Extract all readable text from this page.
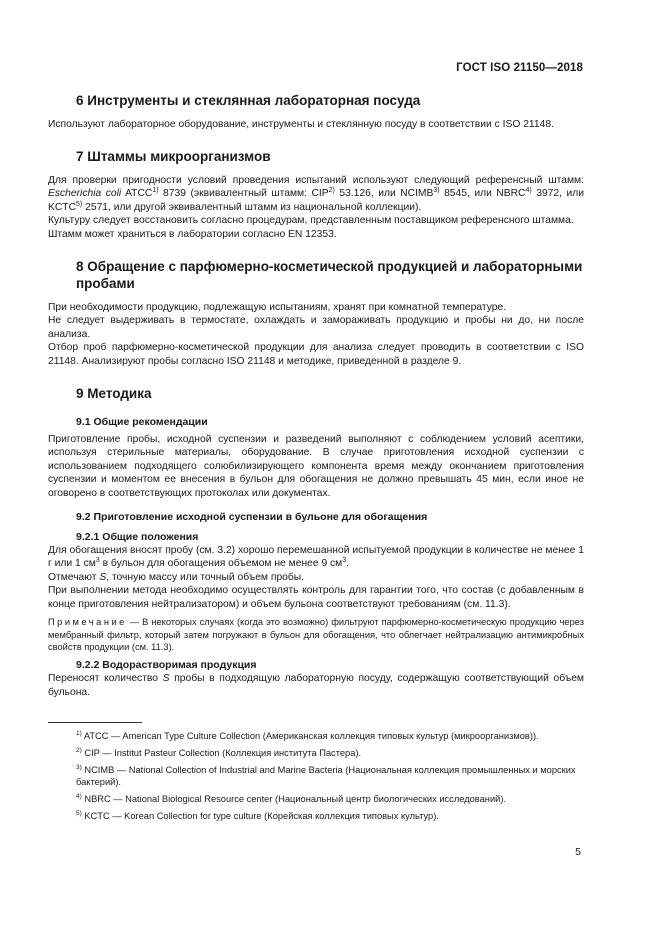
ГОСТ ISO 21150—2018
6 Инструменты и стеклянная лабораторная посуда

Используют лабораторное оборудование, инструменты и стеклянную посуду в соответствии с ISO 21148.

7 Штаммы микроорганизмов

Для проверки пригодности условий проведения испытаний используют следующий референсный штамм: Escherichia coli ATCC$^{1)}$ 8739 (эквивалентный штамм: CIP$^{2)}$ 53.126, или NCIMB$^{3)}$ 8545, или NBRC$^{4)}$ 3972, или KCTC$^{5)}$ 2571, или другой эквивалентный штамм из национальной коллекции).

Культуру следует восстановить согласно процедурам, представленным поставщиком референсного штамма.

Штамм может храниться в лаборатории согласно EN 12353.

8 Обращение с парфюмерно-косметической продукцией и лабораторными пробами

При необходимости продукцию, подлежащую испытаниям, хранят при комнатной температуре.

Не следует выдерживать в термостате, охлаждать и замораживать продукцию и пробы ни до, ни после анализа.

Отбор проб парфюмерно-косметической продукции для анализа следует проводить в соответствии с ISO 21148. Анализируют пробы согласно ISO 21148 и методике, приведенной в разделе 9.

9 Методика
9.1 Общие рекомендации

Приготовление пробы, исходной суспензии и разведений выполняют с соблюдением условий асептики, используя стерильные материалы, оборудование. В случае приготовления исходной суспензии с использованием подходящего солюбилизирующего компонента время между окончанием приготовления суспензии и моментом ее внесения в бульон для обогащения не должно превышать 45 мин, если иное не оговорено в соответствующих протоколах или документах.

9.2 Приготовление исходной суспензии в бульоне для обогащения
9.2.1 Общие положения

Для обогащения вносят пробу (см. 3.2) хорошо перемешанной испытуемой продукции в количестве не менее 1 г или 1 $см^3$ в бульон для обогащения объемом не менее 9 $см^3$.

Отмечают S, точную массу или точный объем пробы.

При выполнении метода необходимо осуществлять контроль для гарантии того, что состав (с добавленным в конце приготовления нейтрализатором) и объем бульона соответствуют требованиям (см. 11.3).

Примечание — В некоторых случаях (когда это возможно) фильтруют парфюмерно-косметическую продукцию через мембранный фильтр, который затем погружают в бульон для обогащения, что облегчает нейтрализацию антимикробных свойств продукции (см. 11.3).

9.2.2 Водорастворимая продукция

Переносят количество S пробы в подходящую лабораторную посуду, содержащую соответствующий объем бульона.

$^{1)}$ ATCC — American Type Culture Collection (Американская коллекция типовых культур (микроорганизмов)).
$^{2)}$ CIP — Institut Pasteur Collection (Коллекция института Пастера).
$^{3)}$ NCIMB — National Collection of Industrial and Marine Bacteria (Национальная коллекция промышленных и морских бактерий).
$^{4)}$ NBRC — National Biological Resource center (Национальный центр биологических исследований).
$^{5)}$ KCTC — Korean Collection for type culture (Корейская коллекция типовых культур).
5
